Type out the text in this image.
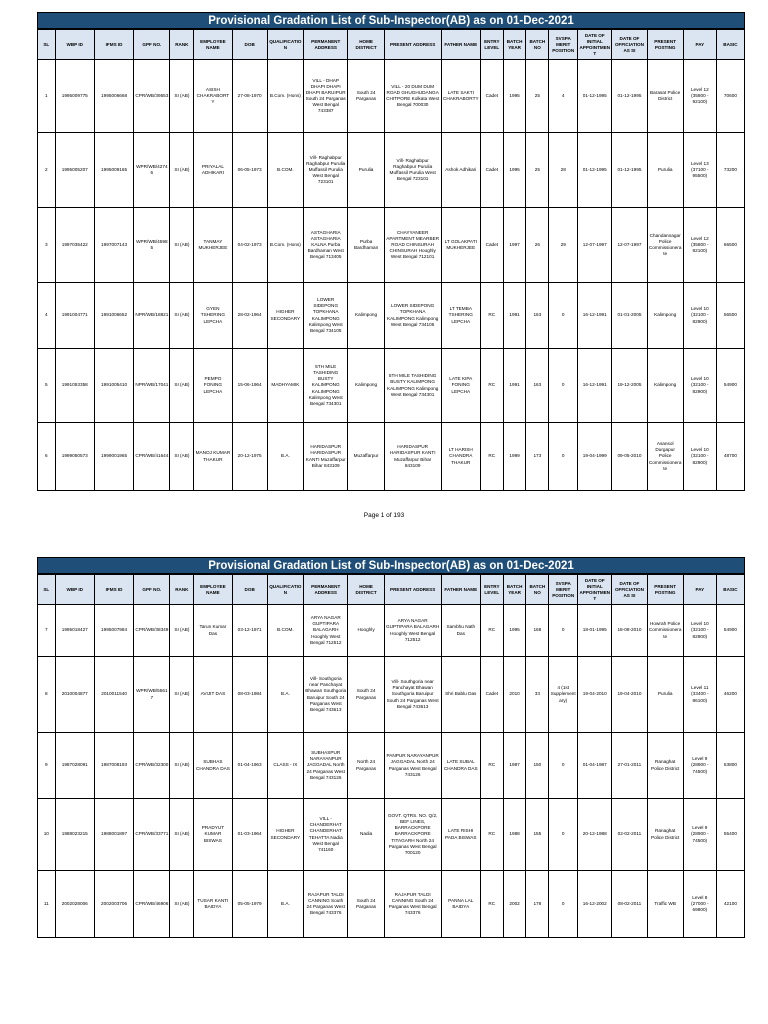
Provisional Gradation List of Sub-Inspector(AB) as on 01-Dec-2021
SL	WBP ID	IFMS ID	GPF NO.	RANK	EMPLOYEE NAME	DOB	QUALIFICATION	PERMANENT ADDRESS	HOME DISTRICT	PRESENT ADDRESS	FATHER NAME	ENTRY LEVEL	BATCH YEAR	BATCH NO	SVSPA MERIT POSITION	DATE OF INITIAL APPOINTMENT	DATE OF OFFICIATION AS SI	PRESENT POSTING	PAY	BASIC
1	1995009775	1995006668	CPR/WB/39553	SI (AB)	ASISH CHAKRABORTY	27-08-1970	B.Com. (Hons)	VILL - DHAP DHAPI DHAPI DHAPI BARUIPUR South 24 Parganas West Bengal 743387	South 24 Parganas	VILL - 20 DUM DUM ROAD GHUGHUDANGA CHITPORE Kolkata West Bengal 700030	LATE SAKTI CHAKRABORTY	Cadet	1995	25	4	01-12-1995	01-12-1995	Barasat Police District	Level 12 (35800 - 92100)	70600
2	1995005207	1995009165	WPR/WB/42746	SI (AB)	PRIYALAL ADHIKARI	06-05-1973	B.COM.	Vill- Raghabpur Raghabpur Purulia Muffassil Purulia West Bengal 723101	Purulia	Vill- Raghabpur Raghabpur Purulia Muffassil Purulia West Bengal 723101	Ashok Adhikari	Cadet	1995	25	28	01-12-1995	01-12-1995	Purulia	Level 13 (37100 - 95500)	73200
3	1997035422	1997007143	WPR/WB/45985	SI (AB)	TANMAY MUKHERJEE	04-02-1973	B.Com. (Hons)	ASTAGHARIA ASTAGHARIA KALNA Purba Bardhaman West Bengal 713405	Purba Bardhaman	CHAYYANEER APARTMENT MEARBER ROAD CHINSURAH CHINSURAH Hooghly West Bengal 712101	LT GOLAKPATI MUKHERJEE	Cadet	1997	26	29	12-07-1997	12-07-1997	Chandannagar Police Commissionerate	Level 12 (35800 - 92100)	66500
4	1991004771	1991006652	NPR/WB/18821	SI (AB)	GYEN TSHERING LEPCHA	28-02-1964	HIGHER SECONDARY	LOWER SIDEPONG TOPKHANA KALIMPONG Kalimpong West Bengal 734105	Kalimpong	LOWER SIDEPONG TOPKHANA KALIMPONG Kalimpong West Bengal 734105	LT TEMBA TSHERING LEPCHA	RC	1991	163	0	16-12-1991	01-01-2005	Kalimpong	Level 10 (32100 - 82900)	56500
5	1991053358	1991005410	NPR/WB/17041	SI (AB)	PEMPO FONING LEPCHA	15-06-1964	MADHYAMIK	5TH MILE TASHIDING BUSTY KALIMPONG KALIMPONG Kalimpong West Bengal 734301	Kalimpong	5TH MILE TASHIDING BUSTY KALIMPONG KALIMPONG Kalimpong West Bengal 734301	LATE KIPA FONING LEPCHA	RC	1991	163	0	16-12-1991	19-12-2005	Kalimpong	Level 10 (32100 - 82900)	54900
6	1999050573	1999001965	CPR/WB/41644	SI (AB)	MANOJ KUMAR THAKUR	20-12-1975	B.A.	HARIDASPUR HARIDASPUR KANTI Muzaffarpur Bihar 843109	Muzaffarpur	HARIDASPUR HARIDASPUR KANTI Muzaffarpur Bihar 843109	LT HARISH CHANDRA THAKUR	RC	1999	173	0	19-04-1999	09-05-2010	Asansol Durgapur Police Commissionerate	Level 10 (32100 - 82900)	48700
Page 1 of 193
Provisional Gradation List of Sub-Inspector(AB) as on 01-Dec-2021
SL	WBP ID	IFMS ID	GPF NO.	RANK	EMPLOYEE NAME	DOB	QUALIFICATION	PERMANENT ADDRESS	HOME DISTRICT	PRESENT ADDRESS	FATHER NAME	ENTRY LEVEL	BATCH YEAR	BATCH NO	SVSPA MERIT POSITION	DATE OF INITIAL APPOINTMENT	DATE OF OFFICIATION AS SI	PRESENT POSTING	PAY	BASIC
7	1995018427	1995007984	CPR/WB/38349	SI (AB)	Tarun Kumar Das	03-12-1971	B.COM.	ARYA NAGAR GUPTIPARA BALAGARH Hooghly West Bengal 712512	Hooghly	ARYA NAGAR GUPTIPARA BALAGARH Hooghly West Bengal 712512	Sambhu Nath Das	RC	1995	168	0	18-01-1995	18-08-2010	Howrah Police Commissionerate	Level 10 (32100 - 82900)	54900
8	2010004877	2010011540	WPR/WB/55617	SI (AB)	AVIJIT DAS	08-03-1984	B.A.	Vill- Southgoria near Panchayat Bhawan Southgoria Baruipur South 24 Parganas West Bengal 743613	South 24 Parganas	Vill- Southgoria near Panchayat Bhawan Southgoria Baruipur South 24 Parganas West Bengal 743613	Shri Bablu Das	Cadet	2010	33	4 (1st Supplementary)	19-04-2010	19-04-2010	Purulia	Level 11 (33400 - 86100)	46200
9	1987028091	1987008193	CPR/WB/32300	SI (AB)	SUBHAS CHANDRA DAS	01-04-1963	CLASS - IX	SUBHASPUR NARAYANPUR JAGGADAL North 24 Parganas West Bengal 743126	North 24 Parganas	PANPUR NARAYANPUR JAGGADAL North 24 Parganas West Bengal 743126	LATE SUBAL CHANDRA DAS	RC	1987	150	0	01-04-1987	27-01-2011	Ranaghat Police District	Level 9 (28900 - 74500)	53800
10	1988023215	1988001897	CPR/WB/33771	SI (AB)	PRADYUT KUMAR BISWAS	01-03-1964	HIGHER SECONDARY	VILL - CHANDERHAT CHANDERHAT TEHATTA Nadia West Bengal 741160	Nadia	GOVT. QTRS. NO. Q/2, BEF LINES, BARRACKPORE BARRACKPORE TITAGARH North 24 Parganas West Bengal 700120	LATE RISHI PADA BISWAS	RC	1988	155	0	20-12-1988	02-02-2011	Ranaghat Police District	Level 9 (28900 - 74500)	55400
11	2002028006	2002003706	CPR/WB/46906	SI (AB)	TUSAR KANTI BAIDYA	05-05-1979	B.A.	RAJAPUR TALDI CANNING South 24 Parganas West Bengal 743376	South 24 Parganas	RAJAPUR TALDI CANNING South 24 Parganas West Bengal 743376	PANNA LAL BAIDYA	RC	2002	178	0	16-12-2002	08-02-2011	Traffic WB	Level 8 (27000 - 69800)	42100
